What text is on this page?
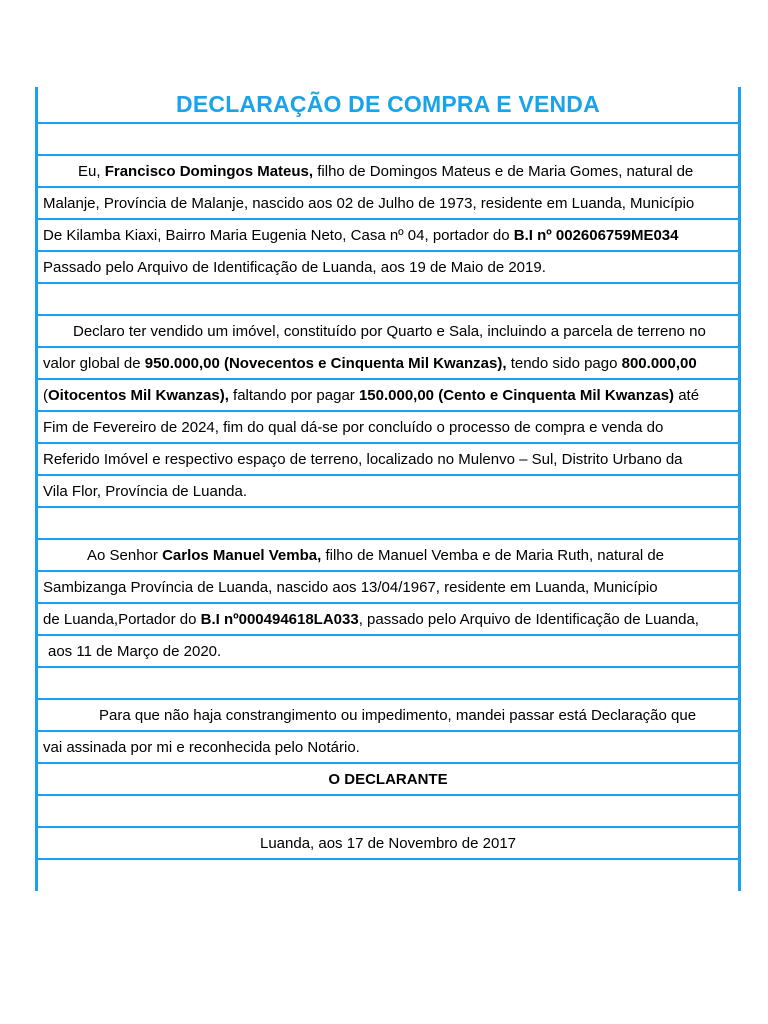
DECLARAÇÃO DE COMPRA E VENDA
Eu, Francisco Domingos Mateus, filho de Domingos Mateus e de Maria Gomes, natural de
Malanje, Província de Malanje, nascido aos 02 de Julho de 1973, residente em Luanda, Município
De Kilamba Kiaxi, Bairro Maria Eugenia Neto, Casa nº 04, portador do B.I nº 002606759ME034
Passado pelo Arquivo de Identificação de Luanda, aos 19 de Maio de 2019.
Declaro ter vendido um imóvel, constituído por Quarto e Sala, incluindo a parcela de terreno no
valor global de 950.000,00 (Novecentos e Cinquenta Mil Kwanzas), tendo sido pago 800.000,00
(Oitocentos Mil Kwanzas), faltando por pagar 150.000,00 (Cento e Cinquenta Mil Kwanzas) até
Fim de Fevereiro de 2024, fim do qual dá-se por concluído o processo de compra e venda do
Referido Imóvel e respectivo espaço de terreno, localizado no Mulenvo – Sul, Distrito Urbano da
Vila Flor, Província de Luanda.
Ao Senhor Carlos Manuel Vemba, filho de Manuel Vemba e de Maria Ruth, natural de
Sambizanga Província de Luanda, nascido aos 13/04/1967, residente em Luanda, Município
de Luanda,Portador do B.I nº000494618LA033, passado pelo Arquivo de Identificação de Luanda,
aos 11 de Março de 2020.
Para que não haja constrangimento ou impedimento, mandei passar está Declaração que
vai assinada por mi e reconhecida pelo Notário.
O DECLARANTE
Luanda, aos 17 de Novembro de 2017
